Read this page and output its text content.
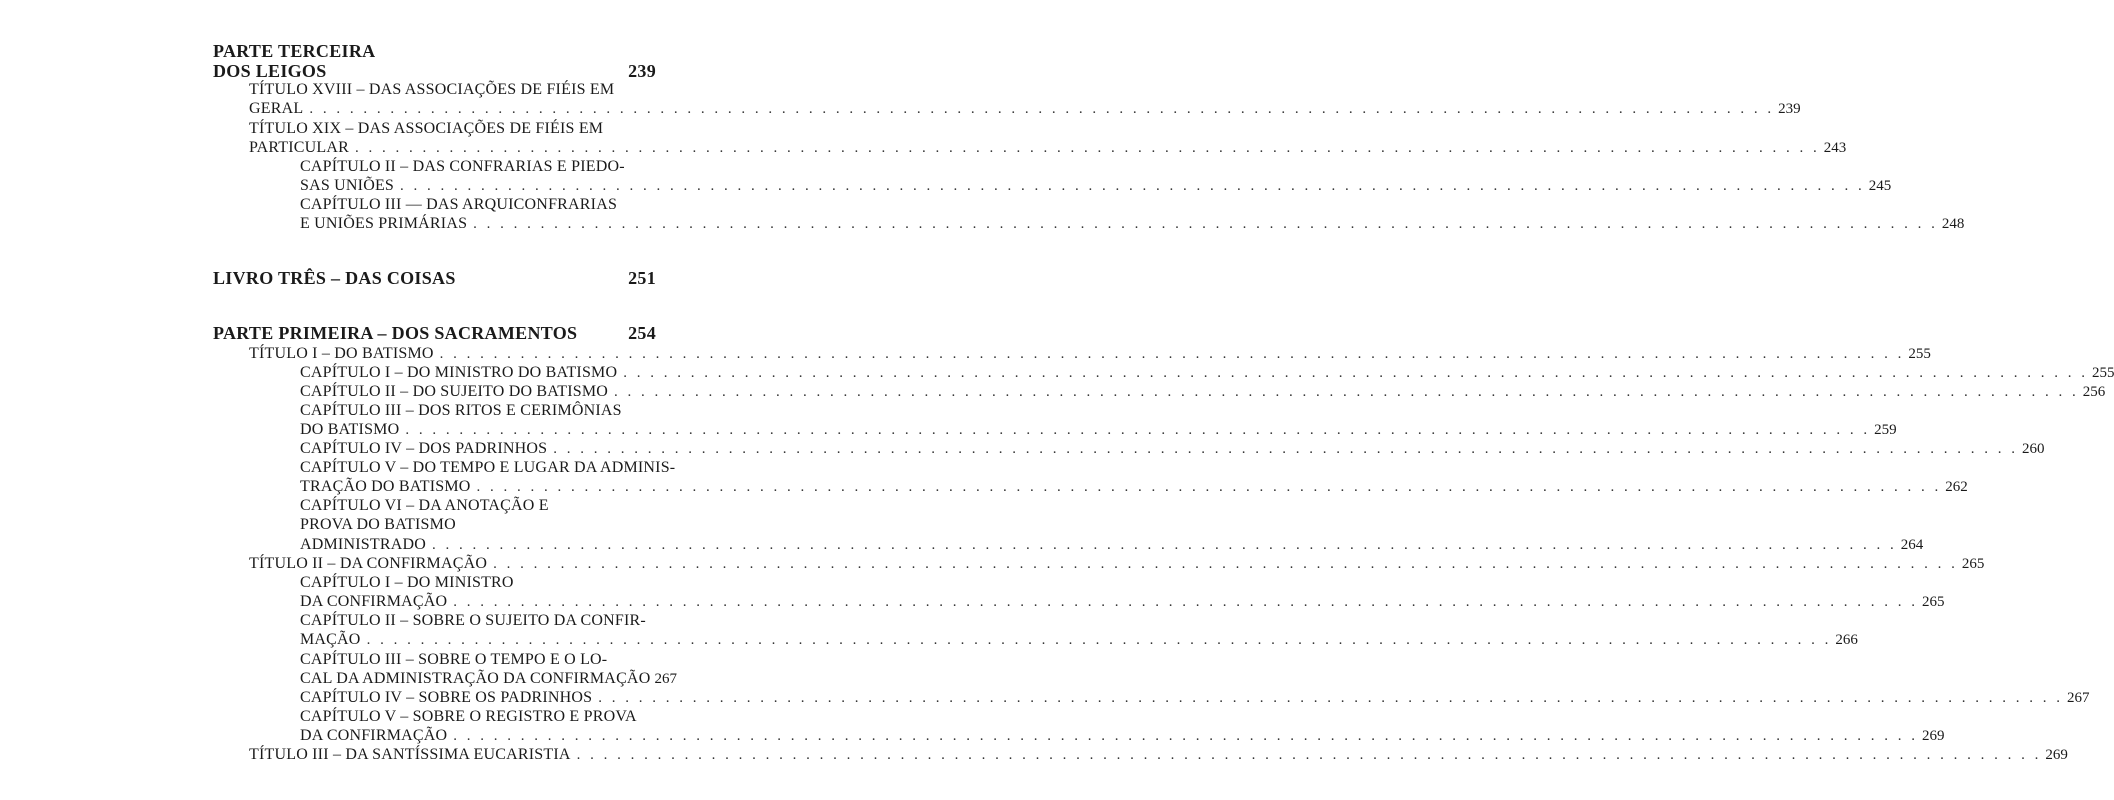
PARTE TERCEIRA
DOS LEIGOS	239
TÍTULO XVIII – DAS ASSOCIAÇÕES DE FIÉIS EM
GERAL . . .	239
TÍTULO XIX – DAS ASSOCIAÇÕES DE FIÉIS EM
PARTICULAR . . .	243
CAPÍTULO II – DAS CONFRARIAS E PIEDO-
SAS UNIÕES . . .	245
CAPÍTULO III — DAS ARQUICONFRARIAS
E UNIÕES PRIMÁRIAS . . .	248
LIVRO TRÊS – DAS COISAS	251
PARTE PRIMEIRA – DOS SACRAMENTOS	254
TÍTULO I – DO BATISMO . . .	255
CAPÍTULO I – DO MINISTRO DO BATISMO . . .	255
CAPÍTULO II – DO SUJEITO DO BATISMO . . .	256
CAPÍTULO III – DOS RITOS E CERIMÔNIAS
DO BATISMO . . .	259
CAPÍTULO IV – DOS PADRINHOS . . .	260
CAPÍTULO V – DO TEMPO E LUGAR DA ADMINIS-
TRAÇÃO DO BATISMO . . .	262
CAPÍTULO VI – DA ANOTAÇÃO E
PROVA DO BATISMO
ADMINISTRADO . . .	264
TÍTULO II – DA CONFIRMAÇÃO . . .	265
CAPÍTULO I – DO MINISTRO
DA CONFIRMAÇÃO . . .	265
CAPÍTULO II – SOBRE O SUJEITO DA CONFIR-
MAÇÃO . . .	266
CAPÍTULO III – SOBRE O TEMPO E O LO-
CAL DA ADMINISTRAÇÃO DA CONFIRMAÇÃO 267
CAPÍTULO IV – SOBRE OS PADRINHOS . . .	267
CAPÍTULO V – SOBRE O REGISTRO E PROVA
DA CONFIRMAÇÃO . . .	269
TÍTULO III – DA SANTÍSSIMA EUCARISTIA . . .	269
